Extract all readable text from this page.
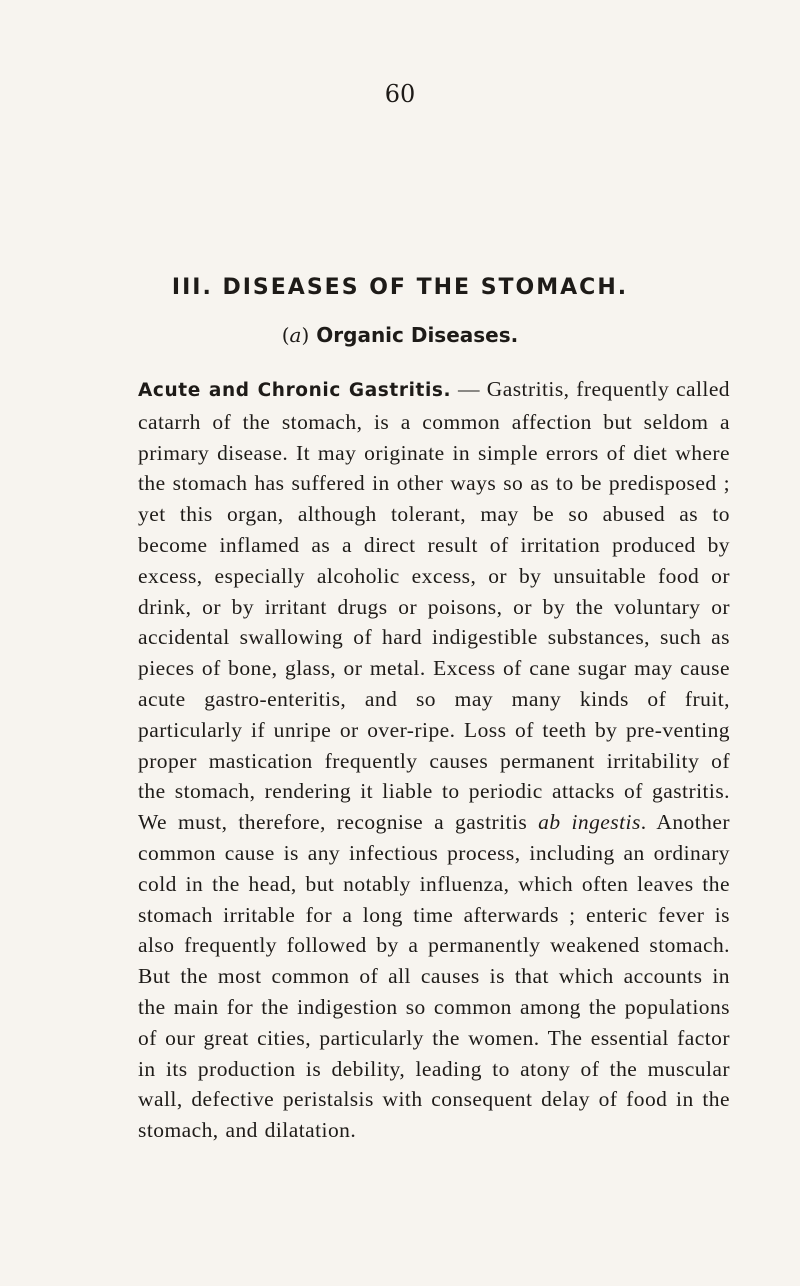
60
III. DISEASES OF THE STOMACH.
(a) Organic Diseases.

Acute and Chronic Gastritis. — Gastritis, frequently called catarrh of the stomach, is a common affection but seldom a primary disease. It may originate in simple errors of diet where the stomach has suffered in other ways so as to be predisposed ; yet this organ, although tolerant, may be so abused as to become inflamed as a direct result of irritation produced by excess, especially alcoholic excess, or by unsuitable food or drink, or by irritant drugs or poisons, or by the voluntary or accidental swallowing of hard indigestible substances, such as pieces of bone, glass, or metal. Excess of cane sugar may cause acute gastro-enteritis, and so may many kinds of fruit, particularly if unripe or over-ripe. Loss of teeth by pre-venting proper mastication frequently causes permanent irritability of the stomach, rendering it liable to periodic attacks of gastritis. We must, therefore, recognise a gastritis ab ingestis. Another common cause is any infectious process, including an ordinary cold in the head, but notably influenza, which often leaves the stomach irritable for a long time afterwards ; enteric fever is also frequently followed by a permanently weakened stomach. But the most common of all causes is that which accounts in the main for the indigestion so common among the populations of our great cities, particularly the women. The essential factor in its production is debility, leading to atony of the muscular wall, defective peristalsis with consequent delay of food in the stomach, and dilatation.
